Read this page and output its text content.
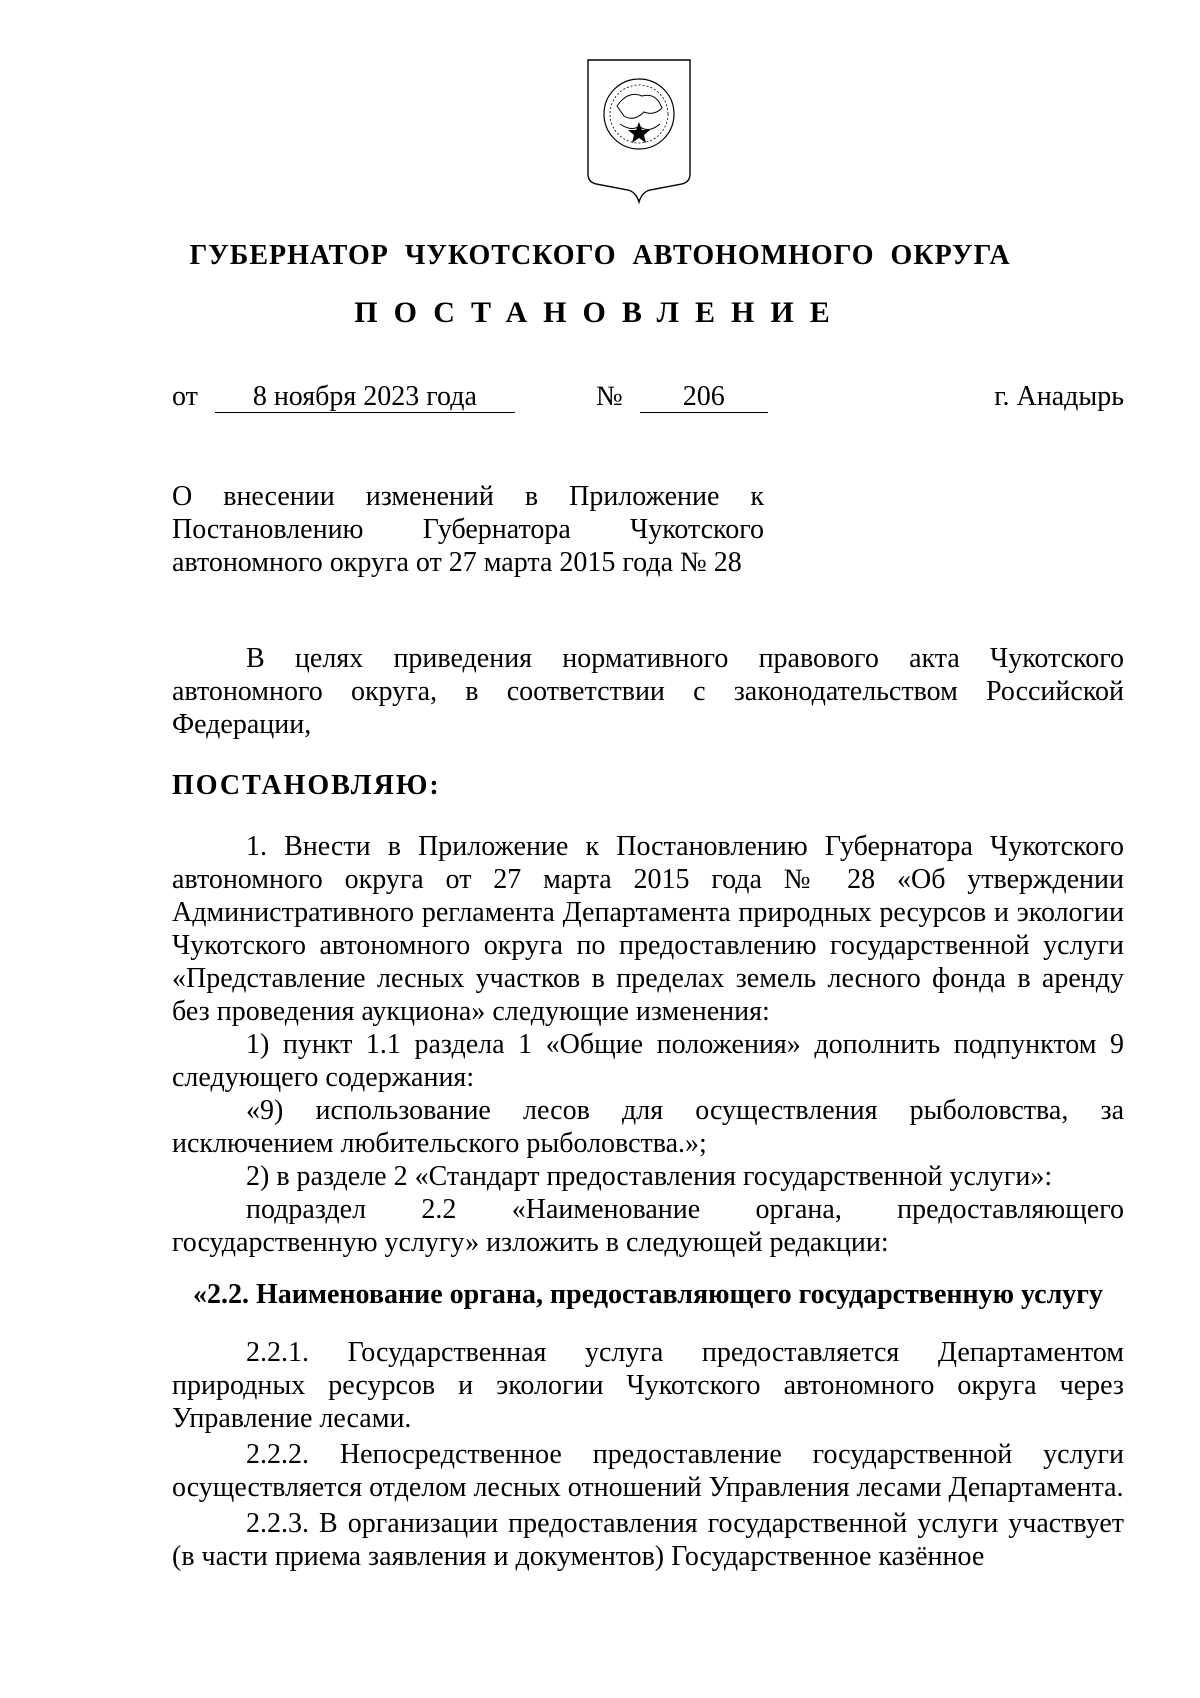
ГУБЕРНАТОР ЧУКОТСКОГО АВТОНОМНОГО ОКРУГА
ПОСТАНОВЛЕНИЕ
от 8 ноября 2023 года	№ 206	г. Анадырь
О внесении изменений в Приложение к Постановлению Губернатора Чукотского автономного округа от 27 марта 2015 года № 28

В целях приведения нормативного правового акта Чукотского автономного округа, в соответствии с законодательством Российской Федерации,

ПОСТАНОВЛЯЮ:

1. Внести в Приложение к Постановлению Губернатора Чукотского автономного округа от 27 марта 2015 года № 28 «Об утверждении Административного регламента Департамента природных ресурсов и экологии Чукотского автономного округа по предоставлению государственной услуги «Представление лесных участков в пределах земель лесного фонда в аренду без проведения аукциона» следующие изменения:

1) пункт 1.1 раздела 1 «Общие положения» дополнить подпунктом 9 следующего содержания:

«9) использование лесов для осуществления рыболовства, за исключением любительского рыболовства.»;

2) в разделе 2 «Стандарт предоставления государственной услуги»:

подраздел 2.2 «Наименование органа, предоставляющего государственную услугу» изложить в следующей редакции:

«2.2. Наименование органа, предоставляющего государственную услугу

2.2.1. Государственная услуга предоставляется Департаментом природных ресурсов и экологии Чукотского автономного округа через Управление лесами.

2.2.2. Непосредственное предоставление государственной услуги осуществляется отделом лесных отношений Управления лесами Департамента.

2.2.3. В организации предоставления государственной услуги участвует (в части приема заявления и документов) Государственное казённое
